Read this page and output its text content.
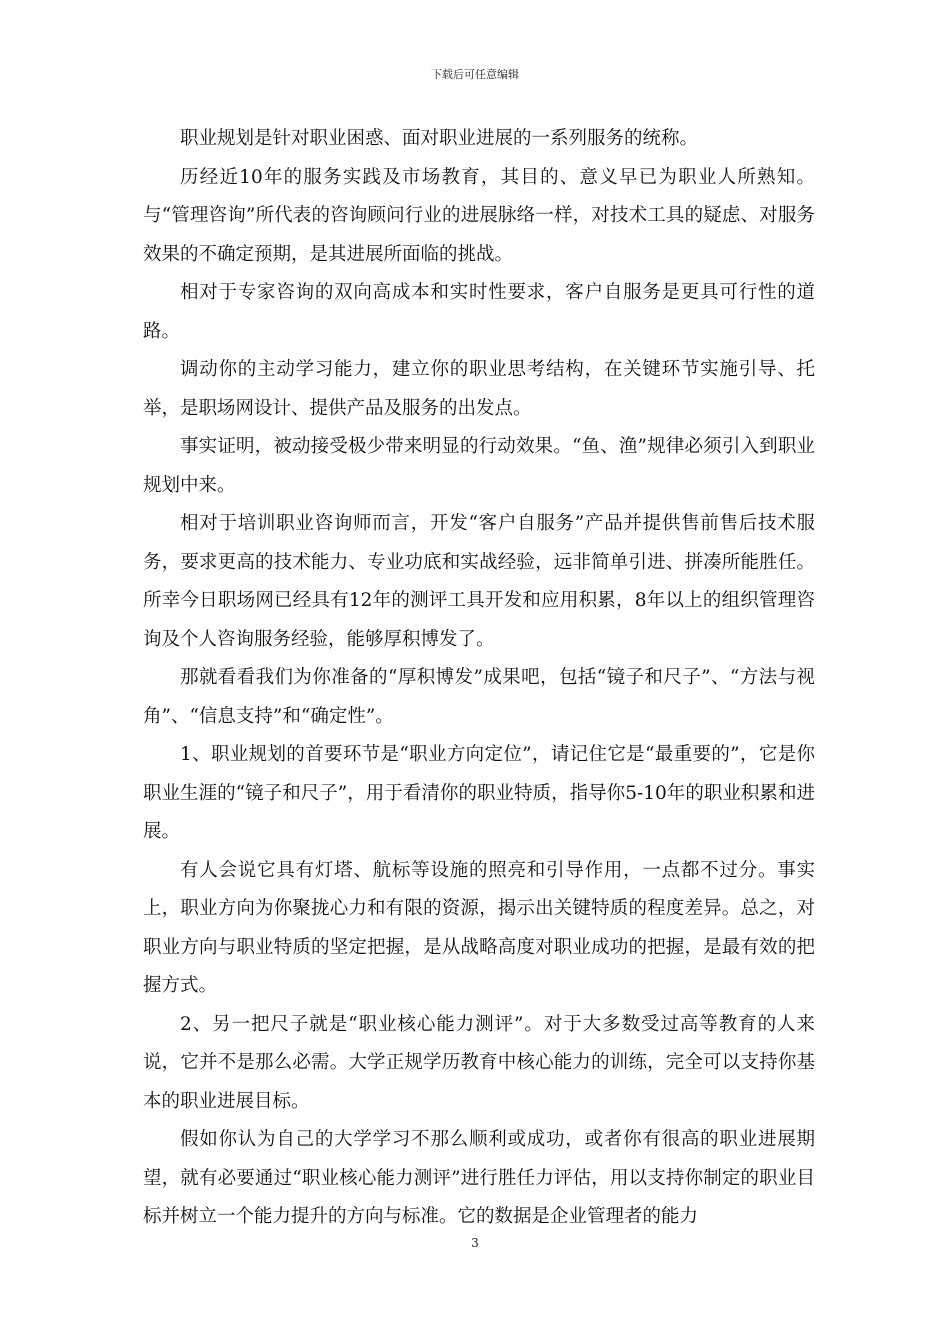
下载后可任意编辑

职业规划是针对职业困惑、面对职业进展的一系列服务的统称。

历经近10年的服务实践及市场教育，其目的、意义早已为职业人所熟知。与“管理咨询”所代表的咨询顾问行业的进展脉络一样，对技术工具的疑虑、对服务效果的不确定预期，是其进展所面临的挑战。

相对于专家咨询的双向高成本和实时性要求，客户自服务是更具可行性的道路。

调动你的主动学习能力，建立你的职业思考结构，在关键环节实施引导、托举，是职场网设计、提供产品及服务的出发点。

事实证明，被动接受极少带来明显的行动效果。“鱼、渔”规律必须引入到职业规划中来。

相对于培训职业咨询师而言，开发“客户自服务”产品并提供售前售后技术服务，要求更高的技术能力、专业功底和实战经验，远非简单引进、拼凑所能胜任。所幸今日职场网已经具有12年的测评工具开发和应用积累，8年以上的组织管理咨询及个人咨询服务经验，能够厚积博发了。

那就看看我们为你准备的“厚积博发”成果吧，包括“镜子和尺子”、“方法与视角”、“信息支持”和“确定性”。

1、职业规划的首要环节是“职业方向定位”，请记住它是“最重要的”，它是你职业生涯的“镜子和尺子”，用于看清你的职业特质，指导你5-10年的职业积累和进展。

有人会说它具有灯塔、航标等设施的照亮和引导作用，一点都不过分。事实上，职业方向为你聚拢心力和有限的资源，揭示出关键特质的程度差异。总之，对职业方向与职业特质的坚定把握，是从战略高度对职业成功的把握，是最有效的把握方式。

2、另一把尺子就是“职业核心能力测评”。对于大多数受过高等教育的人来说，它并不是那么必需。大学正规学历教育中核心能力的训练，完全可以支持你基本的职业进展目标。

假如你认为自己的大学学习不那么顺利或成功，或者你有很高的职业进展期望，就有必要通过“职业核心能力测评”进行胜任力评估，用以支持你制定的职业目标并树立一个能力提升的方向与标准。它的数据是企业管理者的能力

3
